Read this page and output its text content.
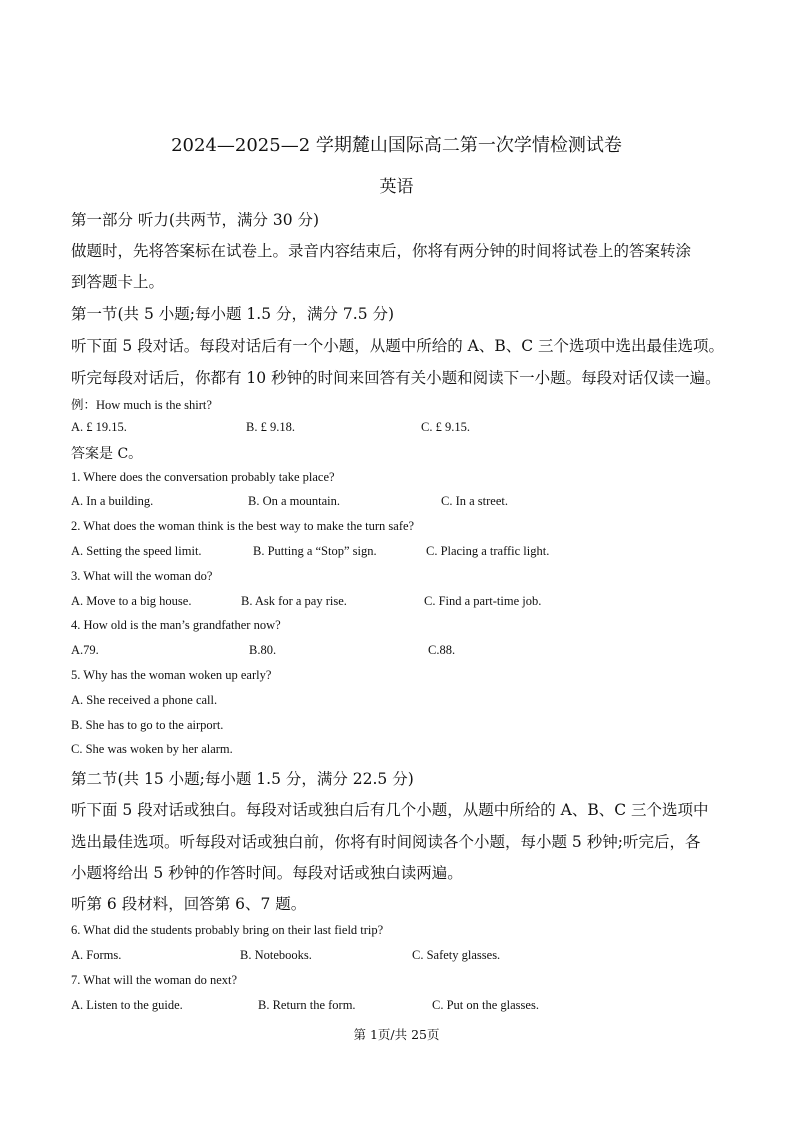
2024—2025—2 学期麓山国际高二第一次学情检测试卷
英语
第一部分 听力(共两节，满分 30 分)
做题时，先将答案标在试卷上。录音内容结束后，你将有两分钟的时间将试卷上的答案转涂
到答题卡上。
第一节(共 5 小题;每小题 1.5 分，满分 7.5 分)
听下面 5 段对话。每段对话后有一个小题，从题中所给的 A、B、C 三个选项中选出最佳选项。
听完每段对话后，你都有 10 秒钟的时间来回答有关小题和阅读下一小题。每段对话仅读一遍。
例：How much is the shirt?
A. £ 19.15.	B. £ 9.18.	C. £ 9.15.
答案是 C。
1. Where does the conversation probably take place?
A. In a building.	B. On a mountain.	C. In a street.
2. What does the woman think is the best way to make the turn safe?
A. Setting the speed limit.	B. Putting a “Stop” sign.	C. Placing a traffic light.
3. What will the woman do?
A. Move to a big house.	B. Ask for a pay rise.	C. Find a part-time job.
4. How old is the man’s grandfather now?
A.79.	B.80.	C.88.
5. Why has the woman woken up early?
A. She received a phone call.
B. She has to go to the airport.
C. She was woken by her alarm.
第二节(共 15 小题;每小题 1.5 分，满分 22.5 分)
听下面 5 段对话或独白。每段对话或独白后有几个小题，从题中所给的 A、B、C 三个选项中
选出最佳选项。听每段对话或独白前，你将有时间阅读各个小题，每小题 5 秒钟;听完后，各
小题将给出 5 秒钟的作答时间。每段对话或独白读两遍。
听第 6 段材料，回答第 6、7 题。
6. What did the students probably bring on their last field trip?
A. Forms.	B. Notebooks.	C. Safety glasses.
7. What will the woman do next?
A. Listen to the guide.	B. Return the form.	C. Put on the glasses.
第 1页/共 25页
